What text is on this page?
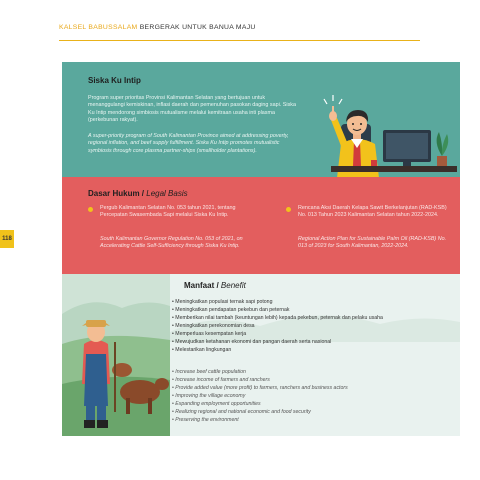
KALSEL BABUSSALAM BERGERAK UNTUK BANUA MAJU
118
Siska Ku Intip
Program super prioritas Provinsi Kalimantan Selatan yang bertujuan untuk menanggulangi kemiskinan, inflasi daerah dan pemenuhan pasokan daging sapi. Siska Ku Intip mendorong simbiosis mutualisme melalui kemitraan usaha inti plasma (perkebunan rakyat).
A super-priority program of South Kalimantan Province aimed at addressing poverty, regional inflation, and beef supply fulfillment. Siska Ku Intip promotes mutualistic symbiosis through core plasma partner-ships (smallholder plantations).
Dasar Hukum / Legal Basis
Pergub Kalimantan Selatan No. 053 tahun 2021, tentang Percepatan Swasembada Sapi melalui Siska Ku Intip.
South Kalimantan Governor Regulation No. 053 of 2021, on Accelerating Cattle Self-Sufficiency through Siska Ku Intip.
Rencana Aksi Daerah Kelapa Sawit Berkelanjutan (RAD-KSB) No. 013 Tahun 2023 Kalimantan Selatan tahun 2022-2024.
Regional Action Plan for Sustainable Palm Oil (RAD-KSB) No. 013 of 2023 for South Kalimantan, 2022-2024.
Manfaat / Benefit
• Meningkatkan populasi ternak sapi potong
• Meningkatkan pendapatan pekebun dan peternak
• Memberikan nilai tambah (keuntungan lebih) kepada pekebun, peternak dan pelaku usaha
• Meningkatkan perekonomian desa
• Memperluas kesempatan kerja
• Mewujudkan ketahanan ekonomi dan pangan daerah serta nasional
• Melestarikan lingkungan
• Increase beef cattle population
• Increase income of farmers and ranchers
• Provide added value (more profit) to farmers, ranchers and business actors
• Improving the village economy
• Expanding employment opportunities
• Realizing regional and national economic and food security
• Preserving the environment
